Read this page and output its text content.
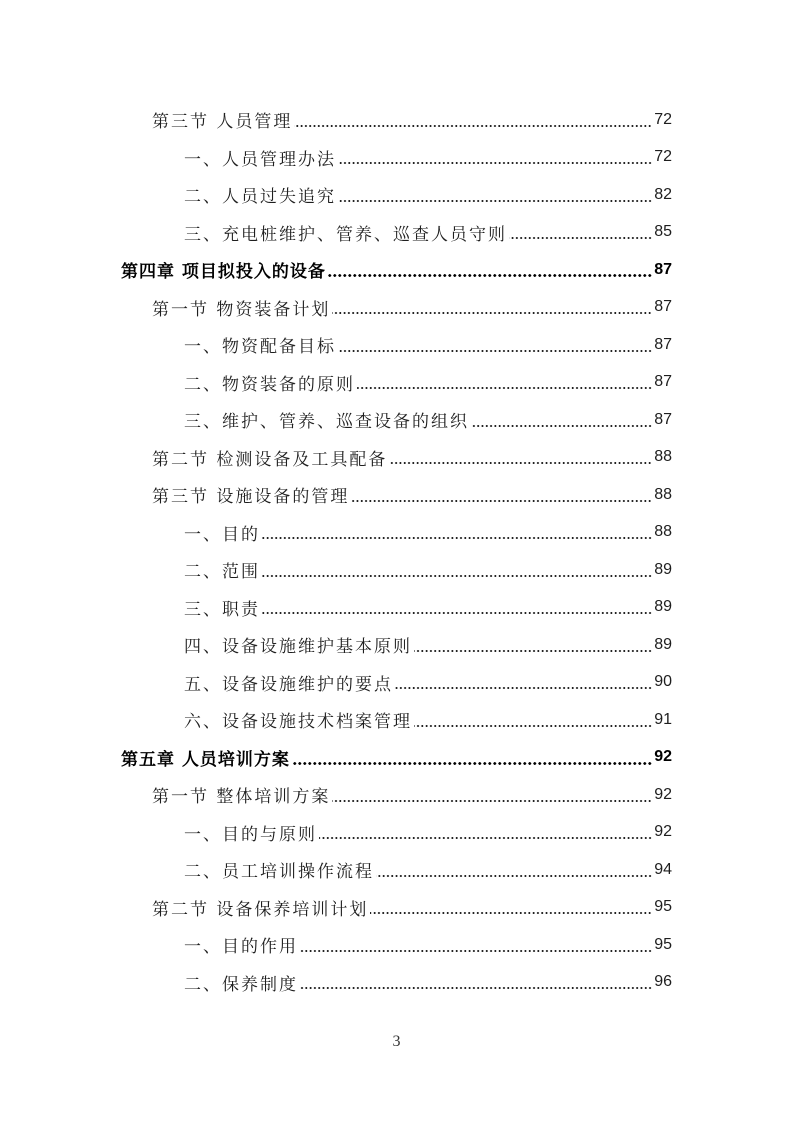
第三节 人员管理	72
一、人员管理办法	72
二、人员过失追究	82
三、充电桩维护、管养、巡查人员守则	85
第四章 项目拟投入的设备	87
第一节 物资装备计划	87
一、物资配备目标	87
二、物资装备的原则	87
三、维护、管养、巡查设备的组织	87
第二节 检测设备及工具配备	88
第三节 设施设备的管理	88
一、目的	88
二、范围	89
三、职责	89
四、设备设施维护基本原则	89
五、设备设施维护的要点	90
六、设备设施技术档案管理	91
第五章 人员培训方案	92
第一节 整体培训方案	92
一、目的与原则	92
二、员工培训操作流程	94
第二节 设备保养培训计划	95
一、目的作用	95
二、保养制度	96
3
